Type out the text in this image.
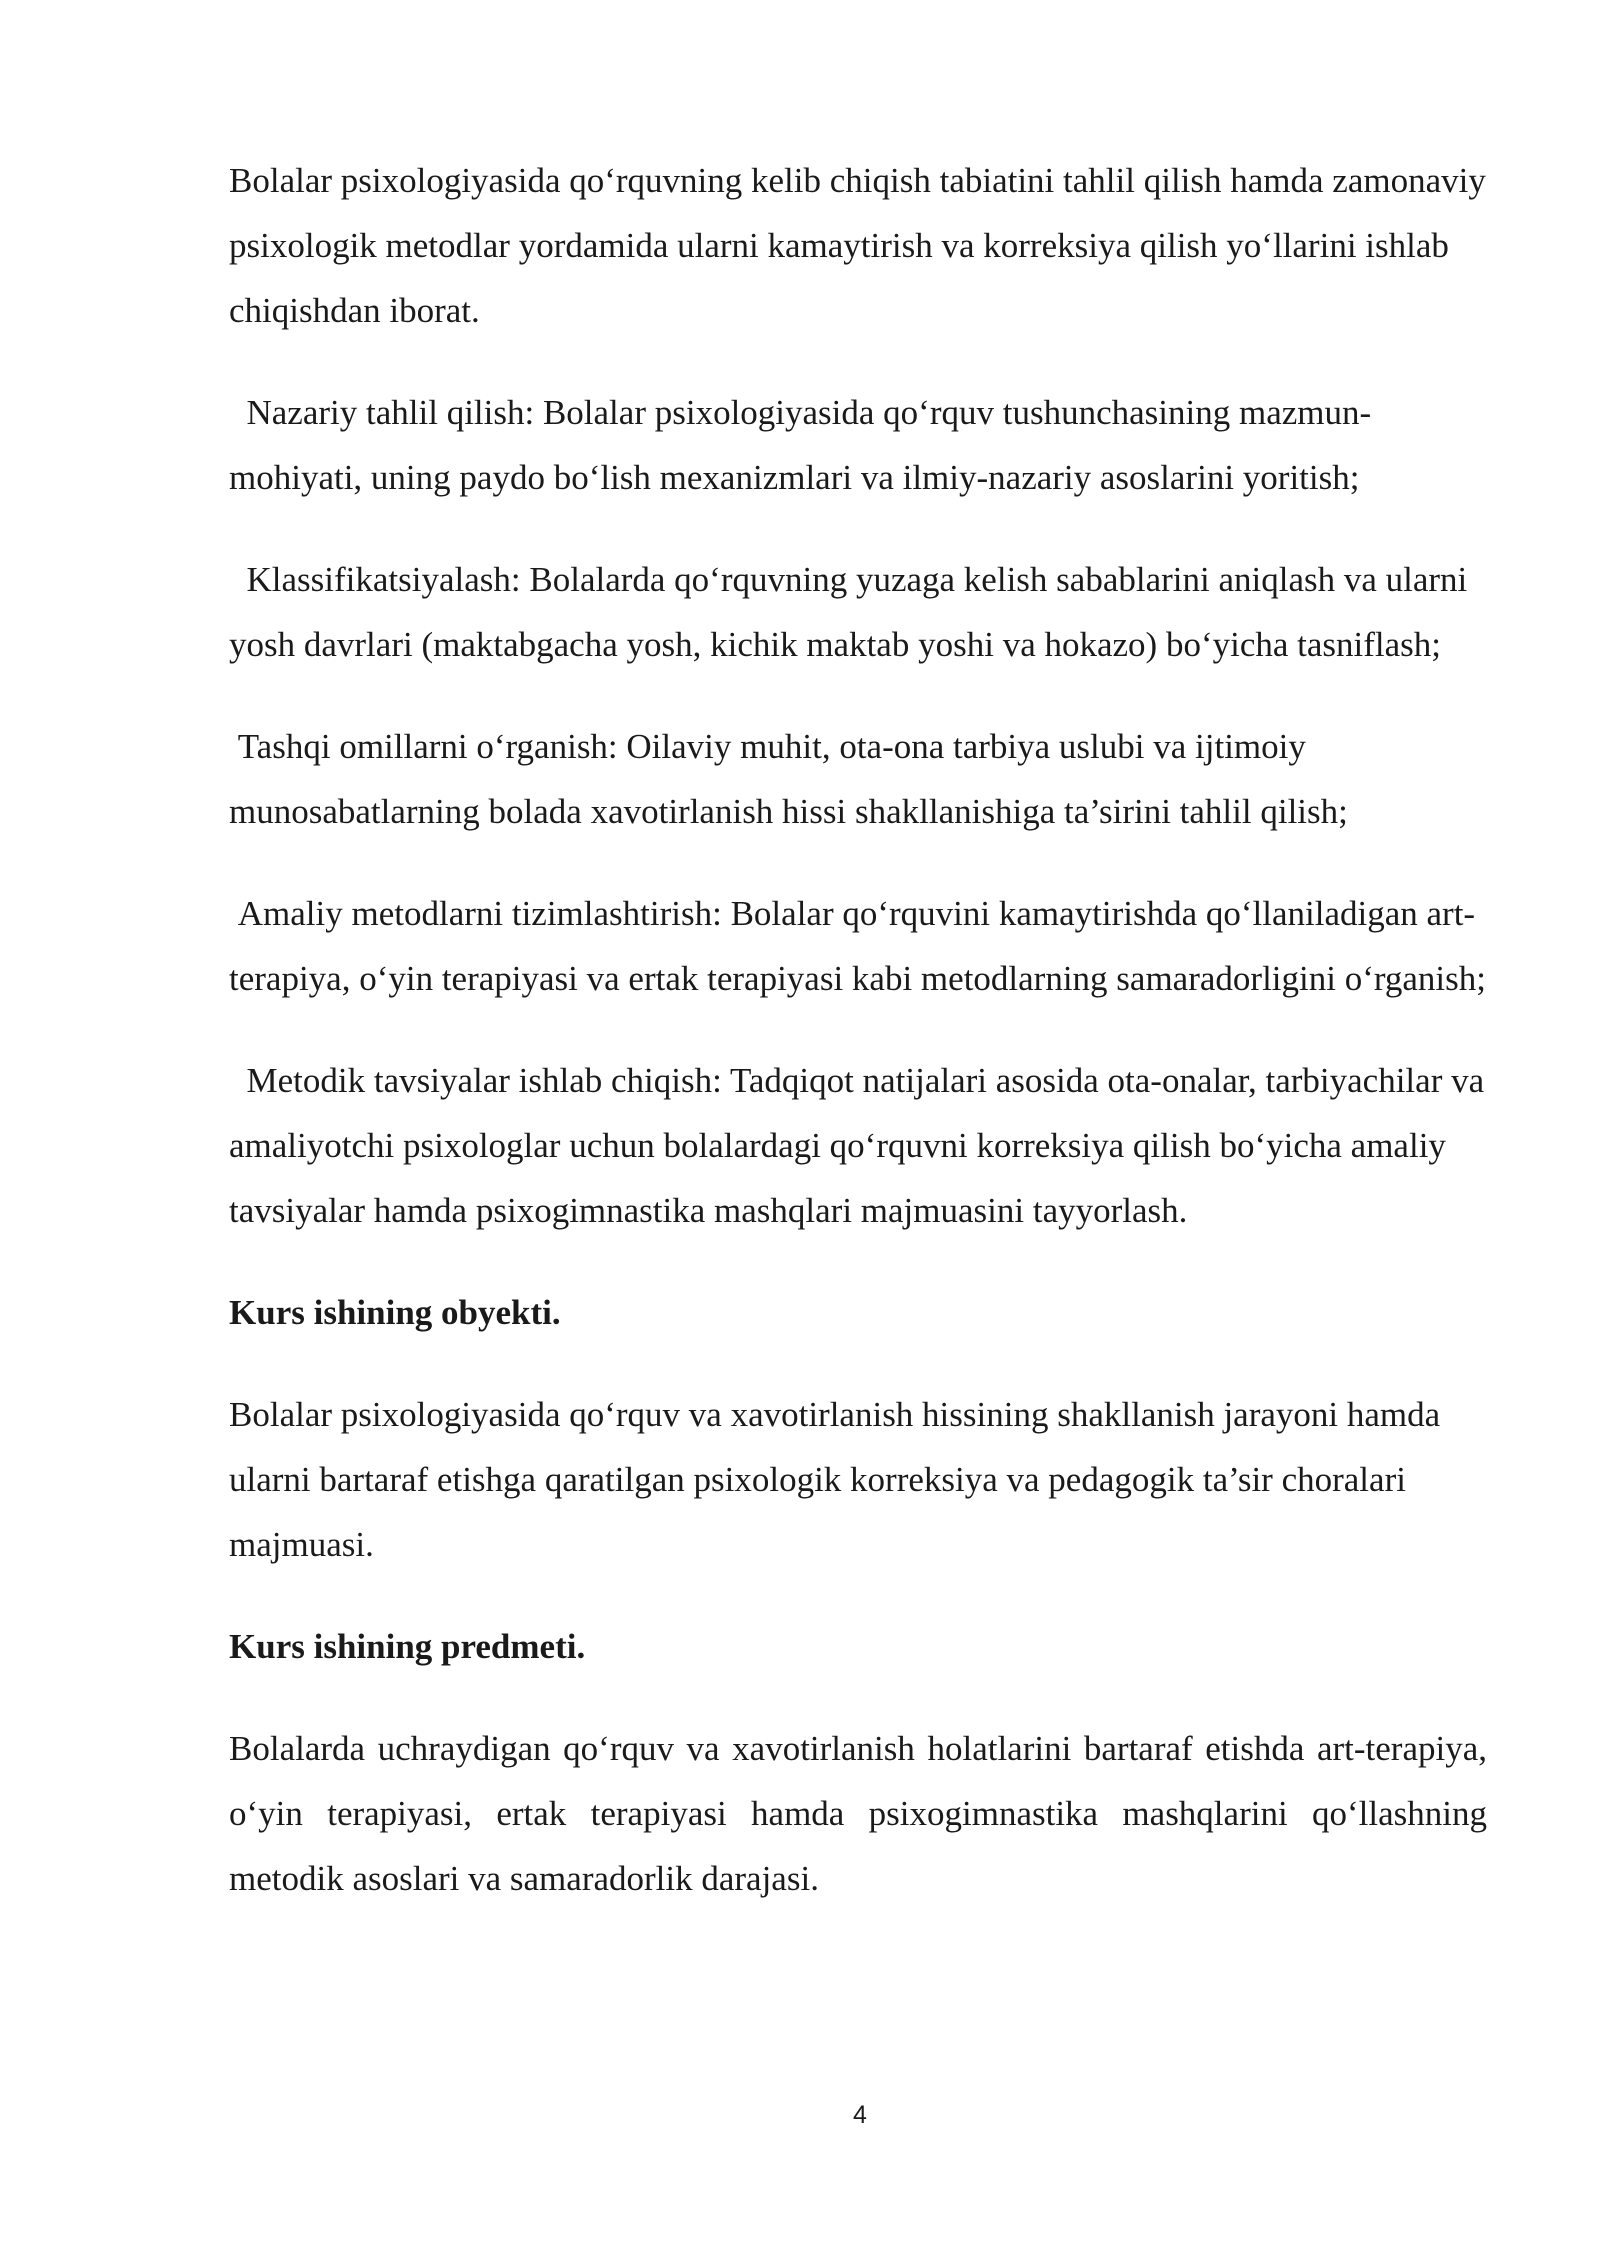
Bolalar psixologiyasida qo‘rquvning kelib chiqish tabiatini tahlil qilish hamda zamonaviy psixologik metodlar yordamida ularni kamaytirish va korreksiya qilish yo‘llarini ishlab chiqishdan iborat.

Nazariy tahlil qilish: Bolalar psixologiyasida qo‘rquv tushunchasining mazmun-mohiyati, uning paydo bo‘lish mexanizmlari va ilmiy-nazariy asoslarini yoritish;

Klassifikatsiyalash: Bolalarda qo‘rquvning yuzaga kelish sabablarini aniqlash va ularni yosh davrlari (maktabgacha yosh, kichik maktab yoshi va hokazo) bo‘yicha tasniflash;

Tashqi omillarni o‘rganish: Oilaviy muhit, ota-ona tarbiya uslubi va ijtimoiy munosabatlarning bolada xavotirlanish hissi shakllanishiga ta’sirini tahlil qilish;

Amaliy metodlarni tizimlashtirish: Bolalar qo‘rquvini kamaytirishda qo‘llaniladigan art-terapiya, o‘yin terapiyasi va ertak terapiyasi kabi metodlarning samaradorligini o‘rganish;

Metodik tavsiyalar ishlab chiqish: Tadqiqot natijalari asosida ota-onalar, tarbiyachilar va amaliyotchi psixologlar uchun bolalardagi qo‘rquvni korreksiya qilish bo‘yicha amaliy tavsiyalar hamda psixogimnastika mashqlari majmuasini tayyorlash.

Kurs ishining obyekti.

Bolalar psixologiyasida qo‘rquv va xavotirlanish hissining shakllanish jarayoni hamda ularni bartaraf etishga qaratilgan psixologik korreksiya va pedagogik ta’sir choralari majmuasi.

Kurs ishining predmeti.

Bolalarda uchraydigan qo‘rquv va xavotirlanish holatlarini bartaraf etishda art-terapiya, o‘yin terapiyasi, ertak terapiyasi hamda psixogimnastika mashqlarini qo‘llashning metodik asoslari va samaradorlik darajasi.

4
